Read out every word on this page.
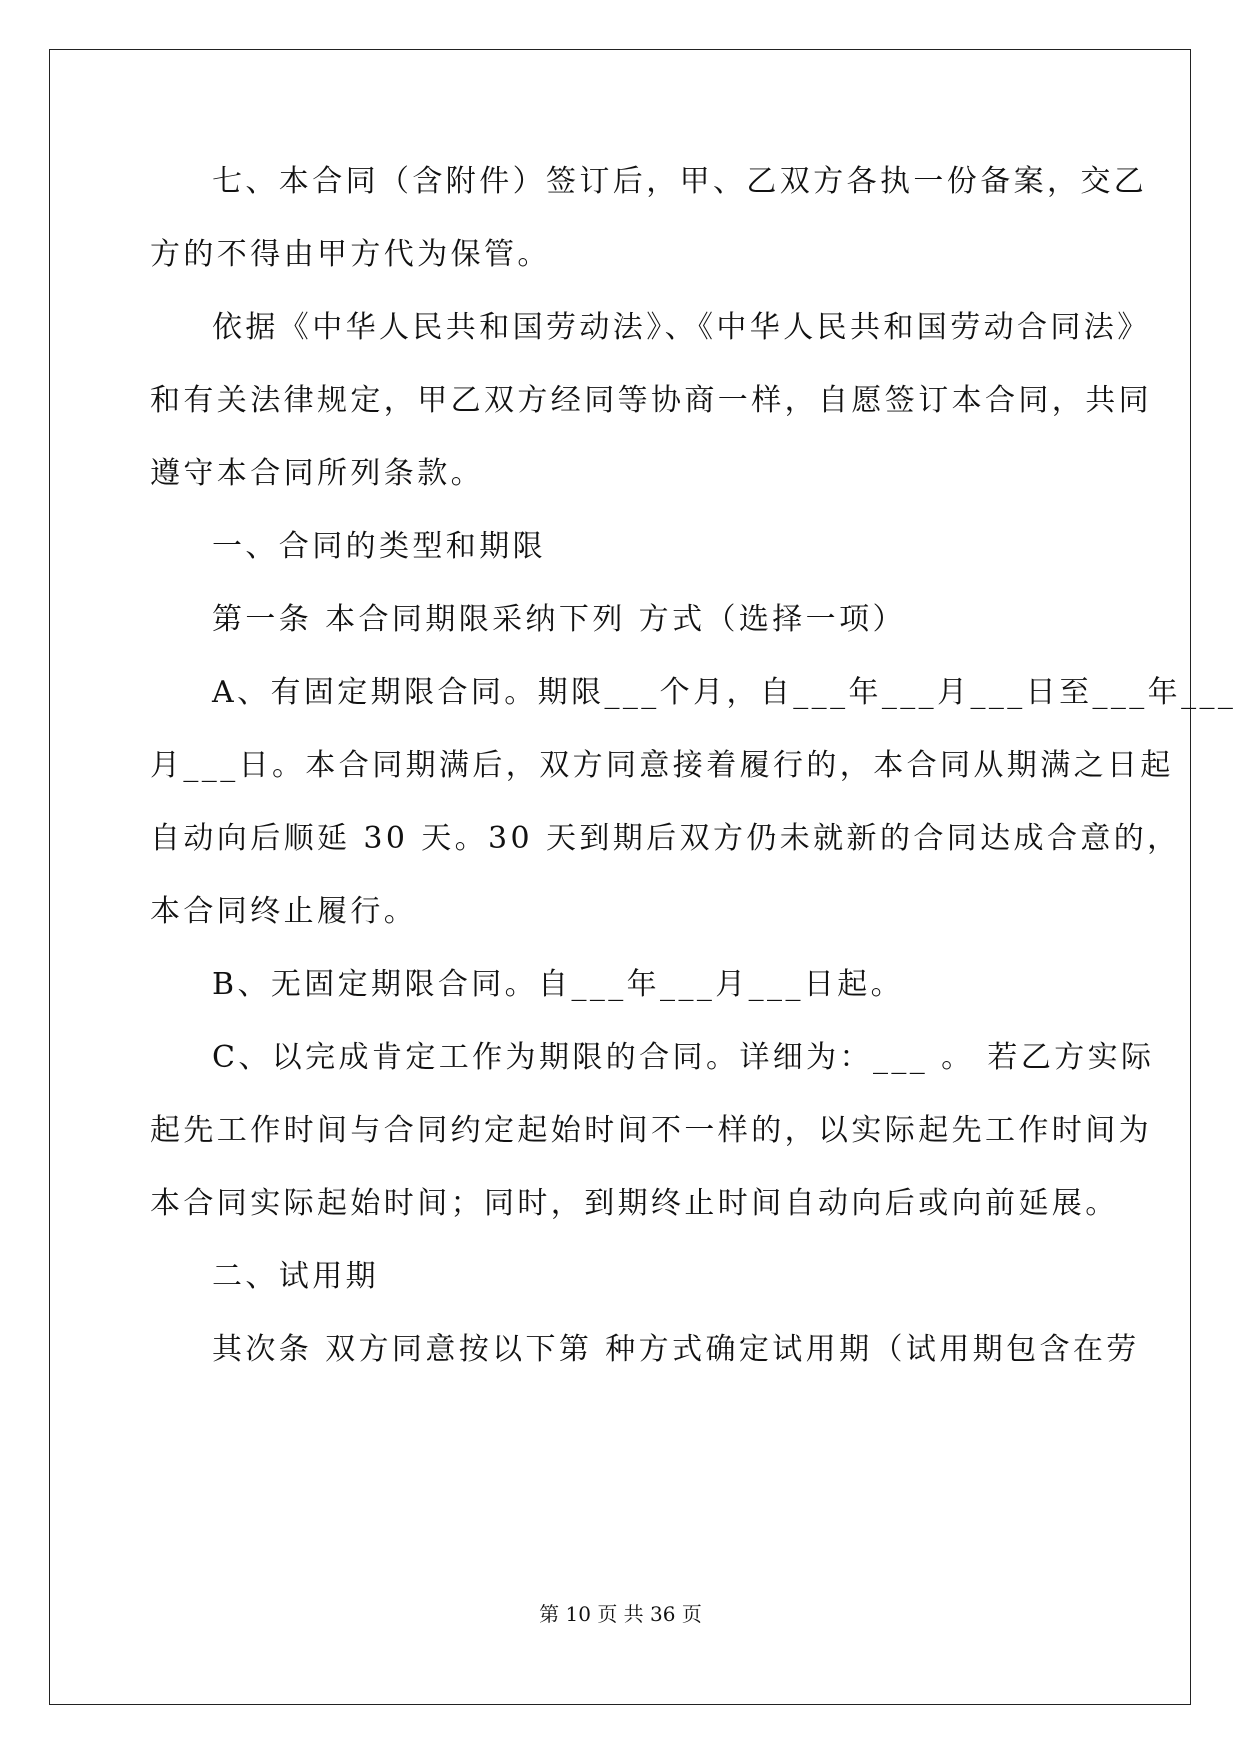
七、本合同（含附件）签订后，甲、乙双方各执一份备案，交乙
方的不得由甲方代为保管。
依据《中华人民共和国劳动法》、《中华人民共和国劳动合同法》
和有关法律规定，甲乙双方经同等协商一样，自愿签订本合同，共同
遵守本合同所列条款。
一、合同的类型和期限
第一条 本合同期限采纳下列 方式（选择一项）
A、有固定期限合同。期限___个月，自___年___月___日至___年___
月___日。本合同期满后，双方同意接着履行的，本合同从期满之日起
自动向后顺延 30 天。30 天到期后双方仍未就新的合同达成合意的，
本合同终止履行。
B、无固定期限合同。自___年___月___日起。
C、以完成肯定工作为期限的合同。详细为：___ 。 若乙方实际
起先工作时间与合同约定起始时间不一样的，以实际起先工作时间为
本合同实际起始时间；同时，到期终止时间自动向后或向前延展。
二、试用期
其次条 双方同意按以下第 种方式确定试用期（试用期包含在劳
第 10 页 共 36 页
